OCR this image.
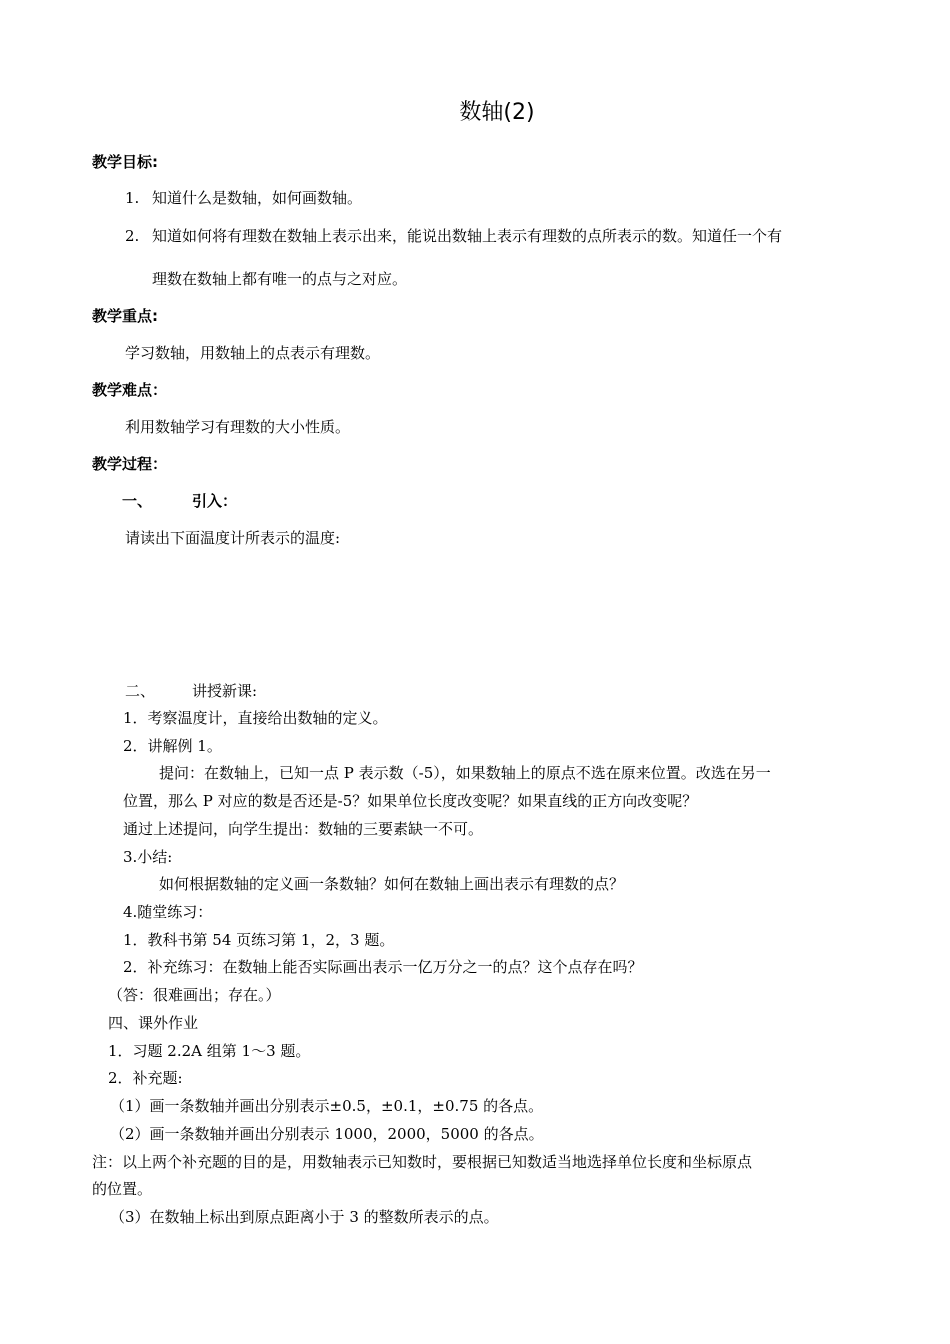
数轴(2)
教学目标:
1. 知道什么是数轴，如何画数轴。
2. 知道如何将有理数在数轴上表示出来，能说出数轴上表示有理数的点所表示的数。知道任一个有
理数在数轴上都有唯一的点与之对应。
教学重点:
学习数轴，用数轴上的点表示有理数。
教学难点：
利用数轴学习有理数的大小性质。
教学过程：
一、	引入：
请读出下面温度计所表示的温度:
二、 讲授新课:
1．考察温度计，直接给出数轴的定义。
2．讲解例 1。
提问：在数轴上，已知一点 P 表示数（-5），如果数轴上的原点不选在原来位置。改选在另一
位置，那么 P 对应的数是否还是-5？如果单位长度改变呢？如果直线的正方向改变呢？
通过上述提问，向学生提出：数轴的三要素缺一不可。
3.小结:
如何根据数轴的定义画一条数轴？如何在数轴上画出表示有理数的点？
4.随堂练习：
1．教科书第 54 页练习第 1，2，3 题。
2．补充练习：在数轴上能否实际画出表示一亿万分之一的点？这个点存在吗？
（答：很难画出；存在。）
四、课外作业
1．习题 2.2A 组第 1～3 题。
2．补充题:
（1）画一条数轴并画出分别表示±0.5，±0.1，±0.75 的各点。
（2）画一条数轴并画出分别表示 1000，2000，5000 的各点。
注：以上两个补充题的目的是，用数轴表示已知数时，要根据已知数适当地选择单位长度和坐标原点
的位置。
（3）在数轴上标出到原点距离小于 3 的整数所表示的点。
